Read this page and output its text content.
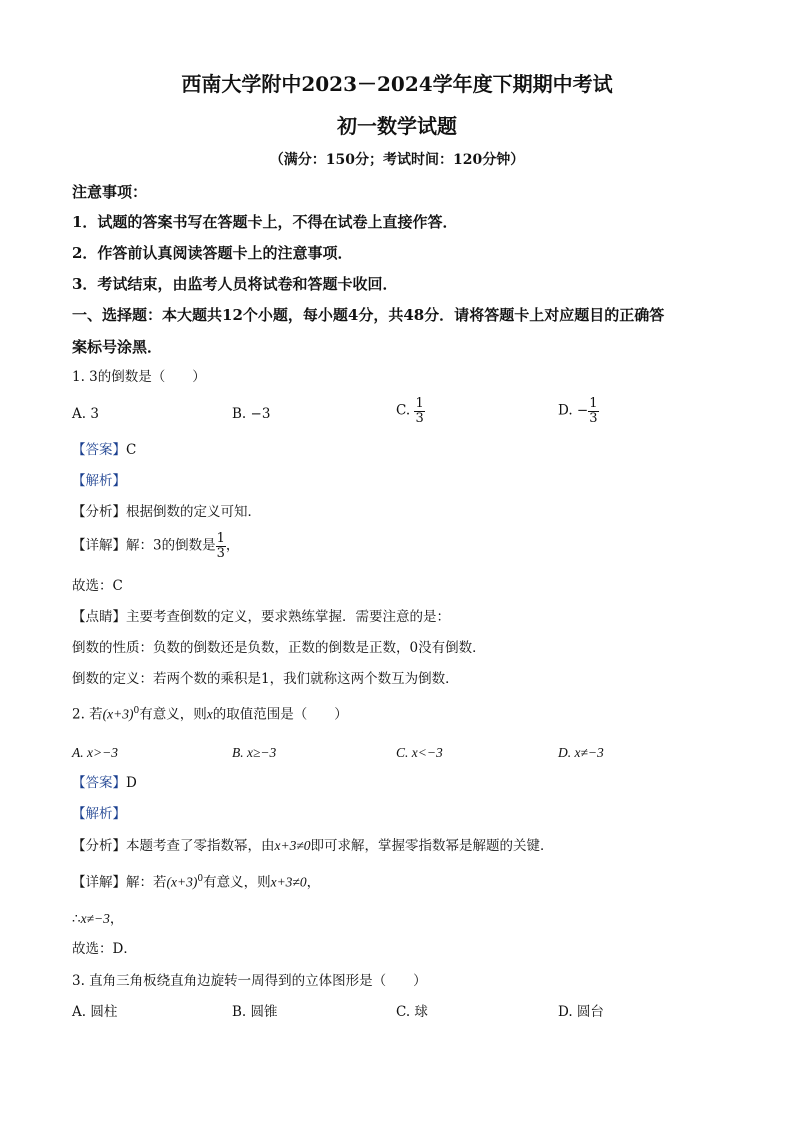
西南大学附中2023－2024学年度下期期中考试
初一数学试题
（满分：150分；考试时间：120分钟）
注意事项：
1．试题的答案书写在答题卡上，不得在试卷上直接作答．
2．作答前认真阅读答题卡上的注意事项．
3．考试结束，由监考人员将试卷和答题卡收回．
一、选择题：本大题共12个小题，每小题4分，共48分．请将答题卡上对应题目的正确答
案标号涂黑．
1. 3的倒数是（　　）
A. 3	B. −3	C. $\frac{1}{3}$	D. − $\frac{1}{3}$
【答案】C
【解析】
【分析】根据倒数的定义可知．
【详解】解：3的倒数是 $\frac{1}{3}$ ，
故选：C
【点睛】主要考查倒数的定义，要求熟练掌握．需要注意的是：
倒数的性质：负数的倒数还是负数，正数的倒数是正数，0没有倒数．
倒数的定义：若两个数的乘积是1，我们就称这两个数互为倒数．
2. 若$(x+3)^0$有意义，则x的取值范围是（　　）
A. x>−3	B. x≥−3	C. x<−3	D. x≠−3
【答案】D
【解析】
【分析】本题考查了零指数幂，由x+3≠0即可求解，掌握零指数幂是解题的关键．
【详解】解：若$(x+3)^0$有意义，则x+3≠0，
∴x≠−3，
故选：D．
3. 直角三角板绕直角边旋转一周得到的立体图形是（　　）
A. 圆柱	B. 圆锥	C. 球	D. 圆台
